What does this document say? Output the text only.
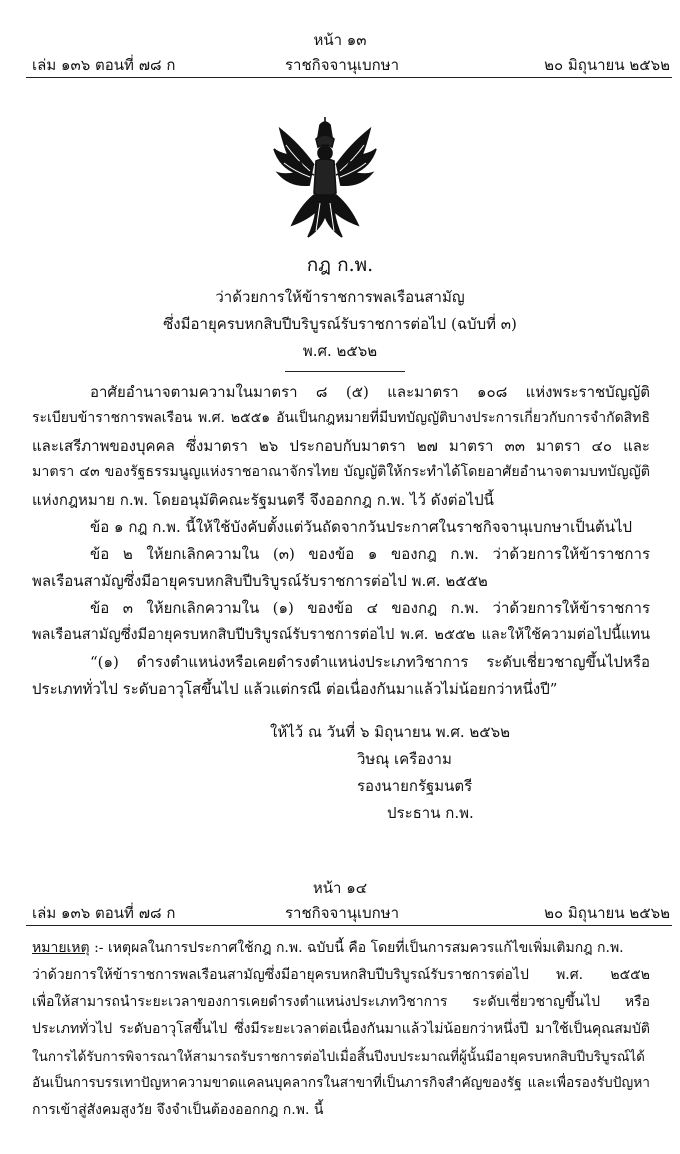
หน้า ๑๓
เล่ม ๑๓๖ ตอนที่ ๗๘ ก	ราชกิจจานุเบกษา	๒๐ มิถุนายน ๒๕๖๒
กฎ ก.พ.
ว่าด้วยการให้ข้าราชการพลเรือนสามัญ
ซึ่งมีอายุครบหกสิบปีบริบูรณ์รับราชการต่อไป (ฉบับที่ ๓)
พ.ศ. ๒๕๖๒
อาศัยอำนาจตามความในมาตรา ๘ (๕) และมาตรา ๑๐๘ แห่งพระราชบัญญัติ
ระเบียบข้าราชการพลเรือน พ.ศ. ๒๕๕๑ อันเป็นกฎหมายที่มีบทบัญญัติบางประการเกี่ยวกับการจำกัดสิทธิ
และเสรีภาพของบุคคล ซึ่งมาตรา ๒๖ ประกอบกับมาตรา ๒๗ มาตรา ๓๓ มาตรา ๔๐ และ
มาตรา ๔๓ ของรัฐธรรมนูญแห่งราชอาณาจักรไทย บัญญัติให้กระทำได้โดยอาศัยอำนาจตามบทบัญญัติ
แห่งกฎหมาย ก.พ. โดยอนุมัติคณะรัฐมนตรี จึงออกกฎ ก.พ. ไว้ ดังต่อไปนี้
ข้อ ๑ กฎ ก.พ. นี้ให้ใช้บังคับตั้งแต่วันถัดจากวันประกาศในราชกิจจานุเบกษาเป็นต้นไป
ข้อ ๒ ให้ยกเลิกความใน (๓) ของข้อ ๑ ของกฎ ก.พ. ว่าด้วยการให้ข้าราชการ
พลเรือนสามัญซึ่งมีอายุครบหกสิบปีบริบูรณ์รับราชการต่อไป พ.ศ. ๒๕๕๒
ข้อ ๓ ให้ยกเลิกความใน (๑) ของข้อ ๔ ของกฎ ก.พ. ว่าด้วยการให้ข้าราชการ
พลเรือนสามัญซึ่งมีอายุครบหกสิบปีบริบูรณ์รับราชการต่อไป พ.ศ. ๒๕๕๒ และให้ใช้ความต่อไปนี้แทน
“(๑) ดำรงตำแหน่งหรือเคยดำรงตำแหน่งประเภทวิชาการ ระดับเชี่ยวชาญขึ้นไปหรือ
ประเภททั่วไป ระดับอาวุโสขึ้นไป แล้วแต่กรณี ต่อเนื่องกันมาแล้วไม่น้อยกว่าหนึ่งปี”
ให้ไว้ ณ วันที่ ๖ มิถุนายน พ.ศ. ๒๕๖๒
วิษณุ เครืองาม
รองนายกรัฐมนตรี
ประธาน ก.พ.
หน้า ๑๔
เล่ม ๑๓๖ ตอนที่ ๗๘ ก	ราชกิจจานุเบกษา	๒๐ มิถุนายน ๒๕๖๒
หมายเหตุ :- เหตุผลในการประกาศใช้กฎ ก.พ. ฉบับนี้ คือ โดยที่เป็นการสมควรแก้ไขเพิ่มเติมกฎ ก.พ.
ว่าด้วยการให้ข้าราชการพลเรือนสามัญซึ่งมีอายุครบหกสิบปีบริบูรณ์รับราชการต่อไป พ.ศ. ๒๕๕๒
เพื่อให้สามารถนำระยะเวลาของการเคยดำรงตำแหน่งประเภทวิชาการ ระดับเชี่ยวชาญขึ้นไป หรือ
ประเภททั่วไป ระดับอาวุโสขึ้นไป ซึ่งมีระยะเวลาต่อเนื่องกันมาแล้วไม่น้อยกว่าหนึ่งปี มาใช้เป็นคุณสมบัติ
ในการได้รับการพิจารณาให้สามารถรับราชการต่อไปเมื่อสิ้นปีงบประมาณที่ผู้นั้นมีอายุครบหกสิบปีบริบูรณ์ได้
อันเป็นการบรรเทาปัญหาความขาดแคลนบุคลากรในสาขาที่เป็นภารกิจสำคัญของรัฐ และเพื่อรองรับปัญหา
การเข้าสู่สังคมสูงวัย จึงจำเป็นต้องออกกฎ ก.พ. นี้
